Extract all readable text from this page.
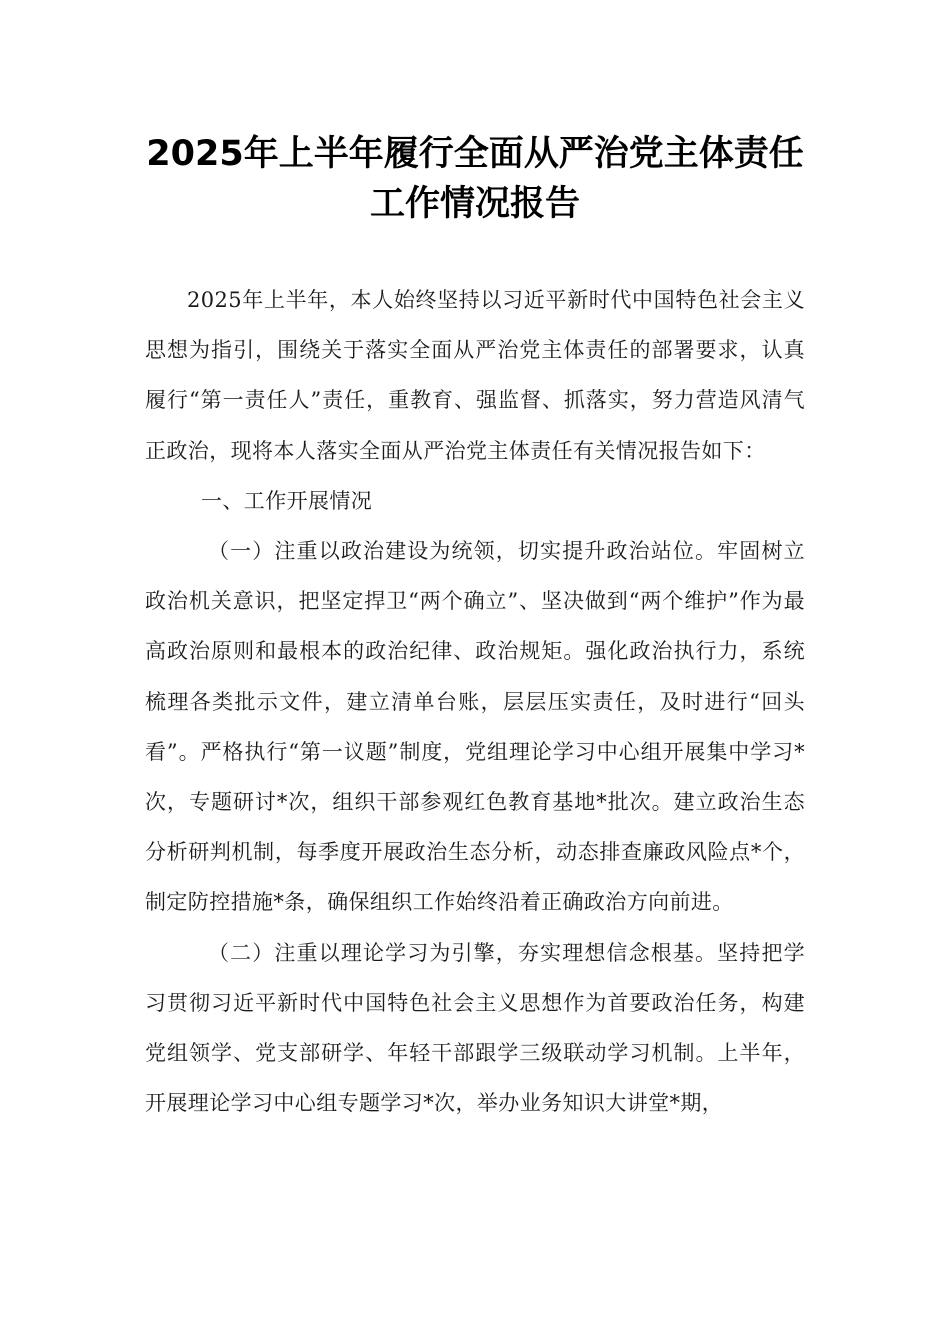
2025年上半年履行全面从严治党主体责任
工作情况报告

2025年上半年，本人始终坚持以习近平新时代中国特色社会主义思想为指引，围绕关于落实全面从严治党主体责任的部署要求，认真履行“第一责任人”责任，重教育、强监督、抓落实，努力营造风清气正政治，现将本人落实全面从严治党主体责任有关情况报告如下：

一、工作开展情况

（一）注重以政治建设为统领，切实提升政治站位。牢固树立政治机关意识，把坚定捍卫“两个确立”、坚决做到“两个维护”作为最高政治原则和最根本的政治纪律、政治规矩。强化政治执行力，系统梳理各类批示文件，建立清单台账，层层压实责任，及时进行“回头看”。严格执行“第一议题”制度，党组理论学习中心组开展集中学习*次，专题研讨*次，组织干部参观红色教育基地*批次。建立政治生态分析研判机制，每季度开展政治生态分析，动态排查廉政风险点*个，制定防控措施*条，确保组织工作始终沿着正确政治方向前进。

（二）注重以理论学习为引擎，夯实理想信念根基。坚持把学习贯彻习近平新时代中国特色社会主义思想作为首要政治任务，构建党组领学、党支部研学、年轻干部跟学三级联动学习机制。上半年，开展理论学习中心组专题学习*次，举办业务知识大讲堂*期，
